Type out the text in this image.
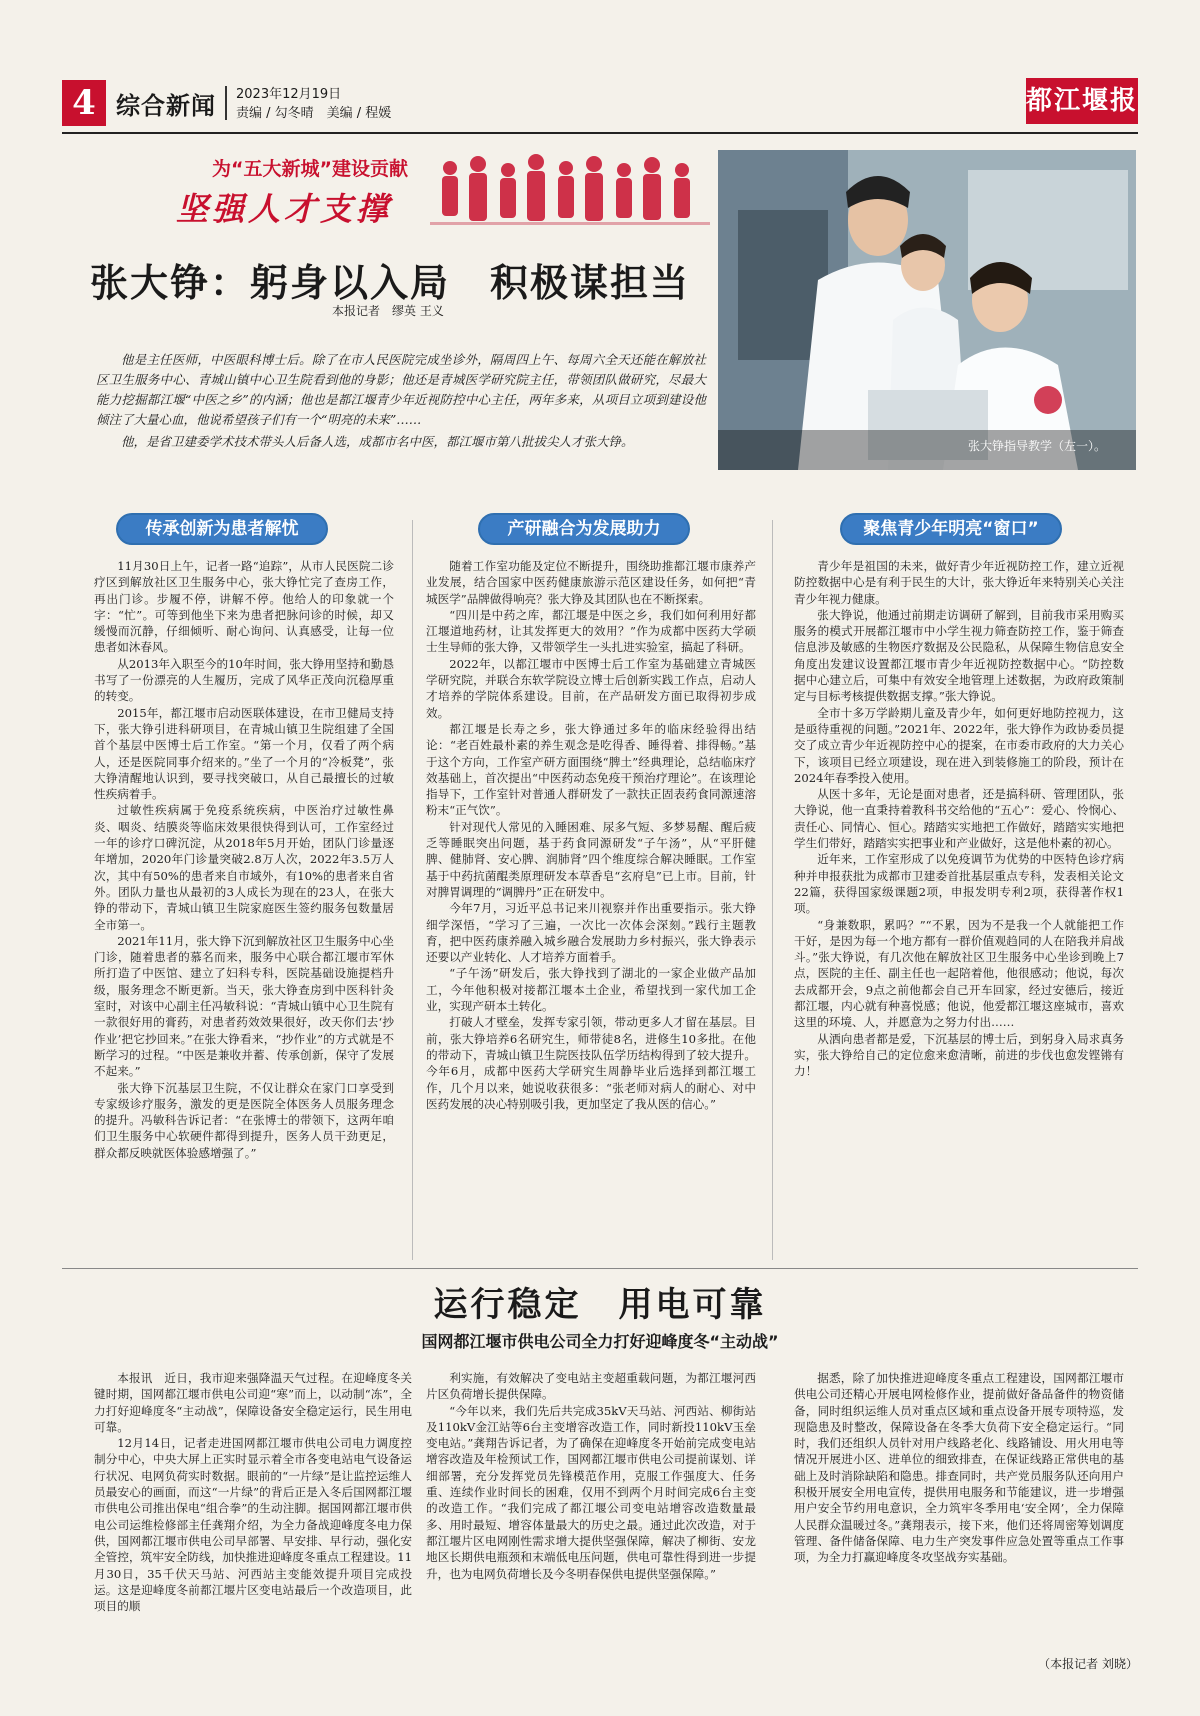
4 综合新闻 2023年12月19日
责编 / 勾冬晴　美编 / 程媛	都江堰报
为“五大新城”建设贡献
坚强人才支撑
张大铮：躬身以入局　积极谋担当
本报记者　缪英 王义

他是主任医师，中医眼科博士后。除了在市人民医院完成坐诊外，隔周四上午、每周六全天还能在解放社区卫生服务中心、青城山镇中心卫生院看到他的身影；他还是青城医学研究院主任，带领团队做研究，尽最大能力挖掘都江堰“中医之乡”的内涵；他也是都江堰青少年近视防控中心主任，两年多来，从项目立项到建设他倾注了大量心血，他说希望孩子们有一个“明亮的未来”……

他，是省卫建委学术技术带头人后备人选，成都市名中医，都江堰市第八批拔尖人才张大铮。	张大铮指导教学（左一）。
传承创新为患者解忧	产研融合为发展助力	聚焦青少年明亮“窗口”

11月30日上午，记者一路“追踪”，从市人民医院二诊疗区到解放社区卫生服务中心，张大铮忙完了查房工作，再出门诊。步履不停，讲解不停。他给人的印象就一个字：“忙”。可等到他坐下来为患者把脉问诊的时候，却又缓慢而沉静，仔细倾听、耐心询问、认真感受，让每一位患者如沐春风。

从2013年入职至今的10年时间，张大铮用坚持和勤恳书写了一份漂亮的人生履历，完成了风华正茂向沉稳厚重的转变。

2015年，都江堰市启动医联体建设，在市卫健局支持下，张大铮引进科研项目，在青城山镇卫生院组建了全国首个基层中医博士后工作室。“第一个月，仅看了两个病人，还是医院同事介绍来的。”坐了一个月的“冷板凳”，张大铮清醒地认识到，要寻找突破口，从自己最擅长的过敏性疾病着手。

过敏性疾病属于免疫系统疾病，中医治疗过敏性鼻炎、咽炎、结膜炎等临床效果很快得到认可，工作室经过一年的诊疗口碑沉淀，从2018年5月开始，团队门诊量逐年增加，2020年门诊量突破2.8万人次，2022年3.5万人次，其中有50%的患者来自市域外，有10%的患者来自省外。团队力量也从最初的3人成长为现在的23人，在张大铮的带动下，青城山镇卫生院家庭医生签约服务包数量居全市第一。

2021年11月，张大铮下沉到解放社区卫生服务中心坐门诊，随着患者的慕名而来，服务中心联合都江堰市军休所打造了中医馆、建立了妇科专科，医院基础设施提档升级，服务理念不断更新。当天，张大铮查房到中医科针灸室时，对该中心副主任冯敏科说：“青城山镇中心卫生院有一款很好用的膏药，对患者药效效果很好，改天你们去‘抄作业’把它抄回来。”在张大铮看来，“抄作业”的方式就是不断学习的过程。“中医是兼收并蓄、传承创新，保守了发展不起来。”

张大铮下沉基层卫生院，不仅让群众在家门口享受到专家级诊疗服务，激发的更是医院全体医务人员服务理念的提升。冯敏科告诉记者：“在张博士的带领下，这两年咱们卫生服务中心软硬件都得到提升，医务人员干劲更足，群众都反映就医体验感增强了。”

随着工作室功能及定位不断提升，围绕助推都江堰市康养产业发展，结合国家中医药健康旅游示范区建设任务，如何把“青城医学”品牌做得响亮？张大铮及其团队也在不断探索。

“四川是中药之库，都江堰是中医之乡，我们如何利用好都江堰道地药材，让其发挥更大的效用？”作为成都中医药大学硕士生导师的张大铮，又带领学生一头扎进实验室，搞起了科研。

2022年，以都江堰市中医博士后工作室为基础建立青城医学研究院，并联合东软学院设立博士后创新实践工作点，启动人才培养的学院体系建设。目前，在产品研发方面已取得初步成效。

都江堰是长寿之乡，张大铮通过多年的临床经验得出结论：“老百姓最朴素的养生观念是吃得香、睡得着、排得畅。”基于这个方向，工作室产研方面围绕“脾土”经典理论，总结临床疗效基础上，首次提出“中医药动态免疫干预治疗理论”。在该理论指导下，工作室针对普通人群研发了一款扶正固表药食同源速溶粉末“正气饮”。

针对现代人常见的入睡困难、尿多气短、多梦易醒、醒后疲乏等睡眠突出问题，基于药食同源研发“子午汤”，从“平肝健脾、健肺肾、安心脾、润肺肾”四个维度综合解决睡眠。工作室基于中药抗菌醌类原理研发本草香皂“玄府皂”已上市。目前，针对脾胃调理的“调脾丹”正在研发中。

今年7月，习近平总书记来川视察并作出重要指示。张大铮细学深悟，“学习了三遍，一次比一次体会深刻。”践行主题教育，把中医药康养融入城乡融合发展助力乡村振兴，张大铮表示还要以产业转化、人才培养方面着手。

“子午汤”研发后，张大铮找到了湖北的一家企业做产品加工，今年他积极对接都江堰本土企业，希望找到一家代加工企业，实现产研本土转化。

打破人才壁垒，发挥专家引领，带动更多人才留在基层。目前，张大铮培养6名研究生，师带徒8名，进修生10多批。在他的带动下，青城山镇卫生院医技队伍学历结构得到了较大提升。今年6月，成都中医药大学研究生周静毕业后选择到都江堰工作，几个月以来，她说收获很多：“张老师对病人的耐心、对中医药发展的决心特别吸引我，更加坚定了我从医的信心。”

青少年是祖国的未来，做好青少年近视防控工作，建立近视防控数据中心是有利于民生的大计，张大铮近年来特别关心关注青少年视力健康。

张大铮说，他通过前期走访调研了解到，目前我市采用购买服务的模式开展都江堰市中小学生视力筛查防控工作，鉴于筛查信息涉及敏感的生物医疗数据及公民隐私，从保障生物信息安全角度出发建议设置都江堰市青少年近视防控数据中心。“防控数据中心建立后，可集中有效安全地管理上述数据，为政府政策制定与目标考核提供数据支撑。”张大铮说。

全市十多万学龄期儿童及青少年，如何更好地防控视力，这是亟待重视的问题。”2021年、2022年，张大铮作为政协委员提交了成立青少年近视防控中心的提案，在市委市政府的大力关心下，该项目已经立项建设，现在进入到装修施工的阶段，预计在2024年春季投入使用。

从医十多年，无论是面对患者，还是搞科研、管理团队，张大铮说，他一直秉持着教科书交给他的“五心”：爱心、怜悯心、责任心、同情心、恒心。踏踏实实地把工作做好，踏踏实实地把学生们带好，踏踏实实把事业和产业做好，这是他朴素的初心。

近年来，工作室形成了以免疫调节为优势的中医特色诊疗病种并申报获批为成都市卫建委首批基层重点专科，发表相关论文22篇，获得国家级课题2项，申报发明专利2项，获得著作权1项。

“身兼数职，累吗？”“不累，因为不是我一个人就能把工作干好，是因为每一个地方都有一群价值观趋同的人在陪我并肩战斗。”张大铮说，有几次他在解放社区卫生服务中心坐诊到晚上7点，医院的主任、副主任也一起陪着他，他很感动；他说，每次去成都开会，9点之前他都会自己开车回家，经过安德后，接近都江堰，内心就有种喜悦感；他说，他爱都江堰这座城市，喜欢这里的环境、人，并愿意为之努力付出……

从洒向患者都是爱，下沉基层的博士后，到躬身入局求真务实，张大铮给自己的定位愈来愈清晰，前进的步伐也愈发铿锵有力！

运行稳定　用电可靠
国网都江堰市供电公司全力打好迎峰度冬“主动战”

本报讯　近日，我市迎来强降温天气过程。在迎峰度冬关键时期，国网都江堰市供电公司迎“寒”而上，以动制“冻”，全力打好迎峰度冬“主动战”，保障设备安全稳定运行，民生用电可靠。

12月14日，记者走进国网都江堰市供电公司电力调度控制分中心，中央大屏上正实时显示着全市各变电站电气设备运行状况、电网负荷实时数据。眼前的“一片绿”是让监控运维人员最安心的画面，而这“一片绿”的背后正是入冬后国网都江堰市供电公司推出保电“组合拳”的生动注脚。据国网都江堰市供电公司运维检修部主任龚翔介绍，为全力备战迎峰度冬电力保供，国网都江堰市供电公司早部署、早安排、早行动，强化安全管控，筑牢安全防线，加快推进迎峰度冬重点工程建设。11月30日，35千伏天马站、河西站主变能效提升项目完成投运。这是迎峰度冬前都江堰片区变电站最后一个改造项目，此项目的顺

利实施，有效解决了变电站主变超重载问题，为都江堰河西片区负荷增长提供保障。

“今年以来，我们先后共完成35kV天马站、河西站、柳街站及110kV金江站等6台主变增容改造工作，同时新投110kV玉垒变电站。”龚翔告诉记者，为了确保在迎峰度冬开始前完成变电站增容改造及年检预试工作，国网都江堰市供电公司提前谋划、详细部署，充分发挥党员先锋模范作用，克服工作强度大、任务重、连续作业时间长的困难，仅用不到两个月时间完成6台主变的改造工作。“我们完成了都江堰公司变电站增容改造数量最多、用时最短、增容体量最大的历史之最。通过此次改造，对于都江堰片区电网刚性需求增大提供坚强保障，解决了柳街、安龙地区长期供电瓶颈和末端低电压问题，供电可靠性得到进一步提升，也为电网负荷增长及今冬明春保供电提供坚强保障。”

据悉，除了加快推进迎峰度冬重点工程建设，国网都江堰市供电公司还精心开展电网检修作业，提前做好备品备件的物资储备，同时组织运维人员对重点区域和重点设备开展专项特巡，发现隐患及时整改，保障设备在冬季大负荷下安全稳定运行。“同时，我们还组织人员针对用户线路老化、线路铺设、用火用电等情况开展进小区、进单位的细致排查，在保证线路正常供电的基础上及时消除缺陷和隐患。排查同时，共产党员服务队还向用户积极开展安全用电宣传，提供用电服务和节能建议，进一步增强用户安全节约用电意识，全力筑牢冬季用电‘安全网’，全力保障人民群众温暖过冬。”龚翔表示，接下来，他们还将周密筹划调度管理、备件储备保障、电力生产突发事件应急处置等重点工作事项，为全力打赢迎峰度冬攻坚战夯实基础。

（本报记者 刘晓）
